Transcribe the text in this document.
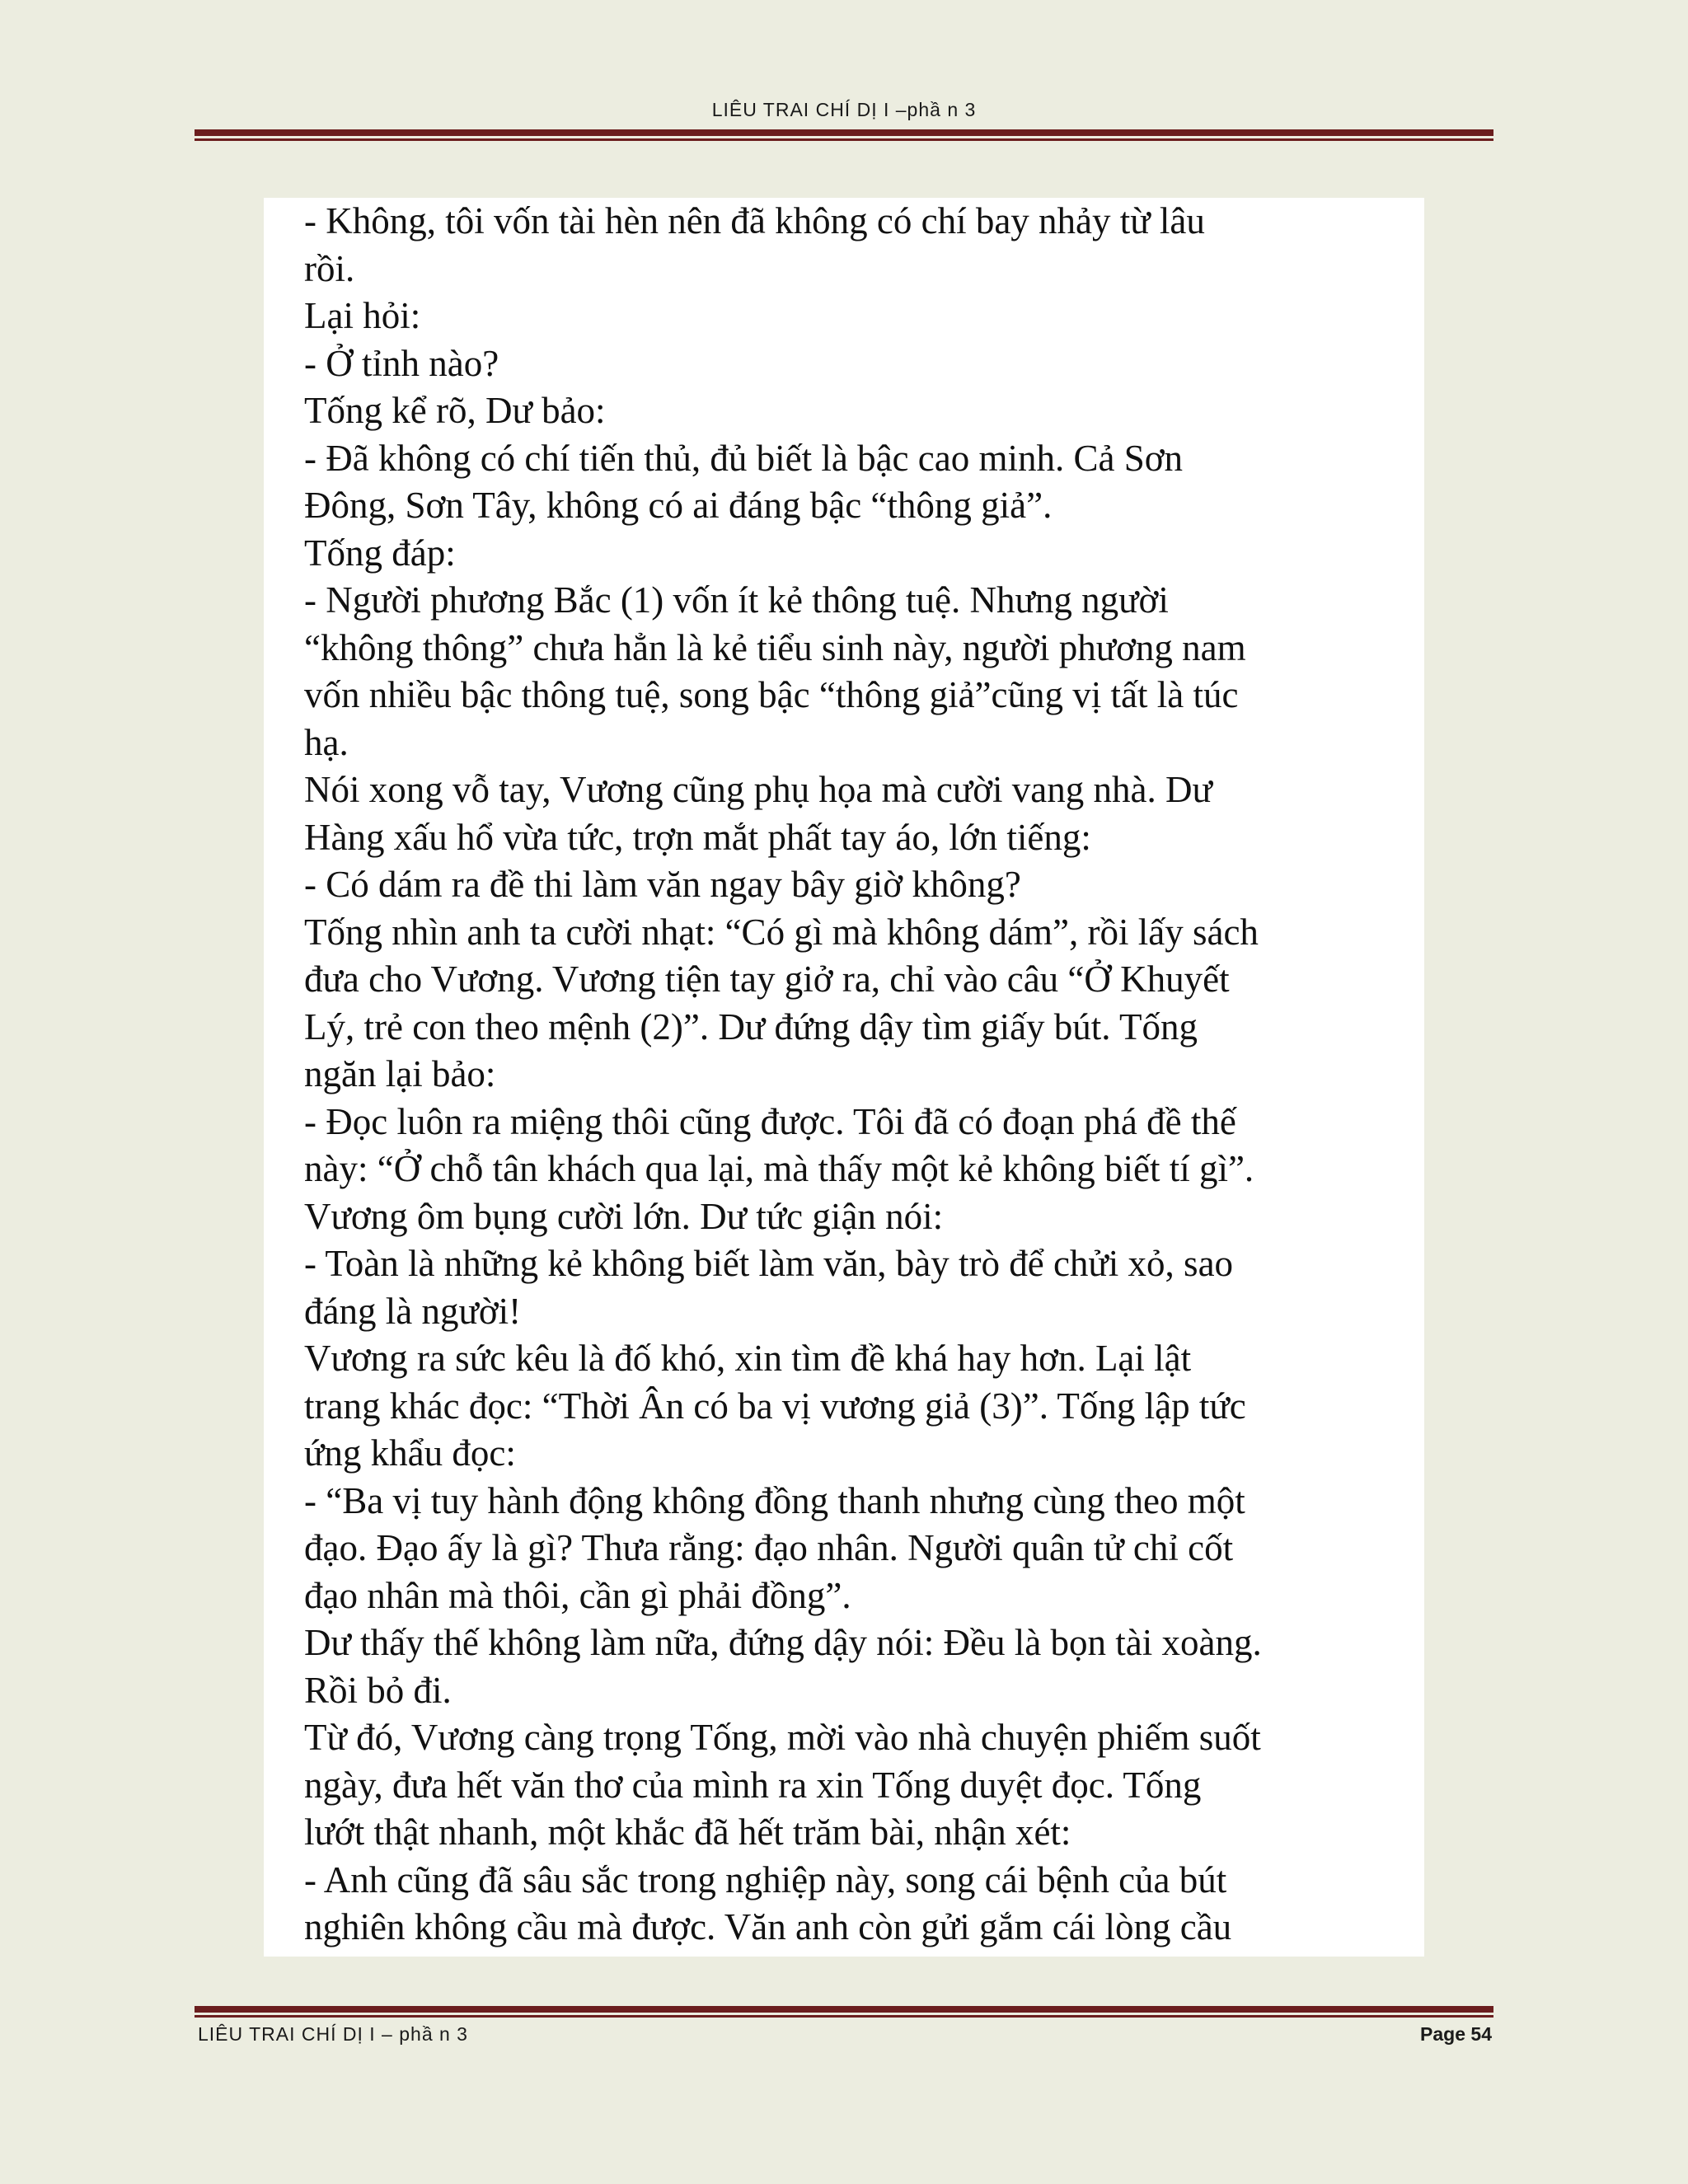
LIÊU TRAI CHÍ DỊ I –phầ n 3
- Không, tôi vốn tài hèn nên đã không có chí bay nhảy từ lâu
rồi.
Lại hỏi:
- Ở tỉnh nào?
Tống kể rõ, Dư bảo:
- Đã không có chí tiến thủ, đủ biết là bậc cao minh. Cả Sơn
Đông, Sơn Tây, không có ai đáng bậc “thông giả”.
Tống đáp:
- Người phương Bắc (1) vốn ít kẻ thông tuệ. Nhưng người
“không thông” chưa hẳn là kẻ tiểu sinh này, người phương nam
vốn nhiều bậc thông tuệ, song bậc “thông giả”cũng vị tất là túc
hạ.
Nói xong vỗ tay, Vương cũng phụ họa mà cười vang nhà. Dư
Hàng xấu hổ vừa tức, trợn mắt phất tay áo, lớn tiếng:
- Có dám ra đề thi làm văn ngay bây giờ không?
Tống nhìn anh ta cười nhạt: “Có gì mà không dám”, rồi lấy sách
đưa cho Vương. Vương tiện tay giở ra, chỉ vào câu “Ở Khuyết
Lý, trẻ con theo mệnh (2)”. Dư đứng dậy tìm giấy bút. Tống
ngăn lại bảo:
- Đọc luôn ra miệng thôi cũng được. Tôi đã có đoạn phá đề thế
này: “Ở chỗ tân khách qua lại, mà thấy một kẻ không biết tí gì”.
Vương ôm bụng cười lớn. Dư tức giận nói:
- Toàn là những kẻ không biết làm văn, bày trò để chửi xỏ, sao
đáng là người!
Vương ra sức kêu là đố khó, xin tìm đề khá hay hơn. Lại lật
trang khác đọc: “Thời Ân có ba vị vương giả (3)”. Tống lập tức
ứng khẩu đọc:
- “Ba vị tuy hành động không đồng thanh nhưng cùng theo một
đạo. Đạo ấy là gì? Thưa rằng: đạo nhân. Người quân tử chỉ cốt
đạo nhân mà thôi, cần gì phải đồng”.
Dư thấy thế không làm nữa, đứng dậy nói: Đều là bọn tài xoàng.
Rồi bỏ đi.
Từ đó, Vương càng trọng Tống, mời vào nhà chuyện phiếm suốt
ngày, đưa hết văn thơ của mình ra xin Tống duyệt đọc. Tống
lướt thật nhanh, một khắc đã hết trăm bài, nhận xét:
- Anh cũng đã sâu sắc trong nghiệp này, song cái bệnh của bút
nghiên không cầu mà được. Văn anh còn gửi gắm cái lòng cầu
LIÊU TRAI CHÍ DỊ I – phầ n 3	Page 54
